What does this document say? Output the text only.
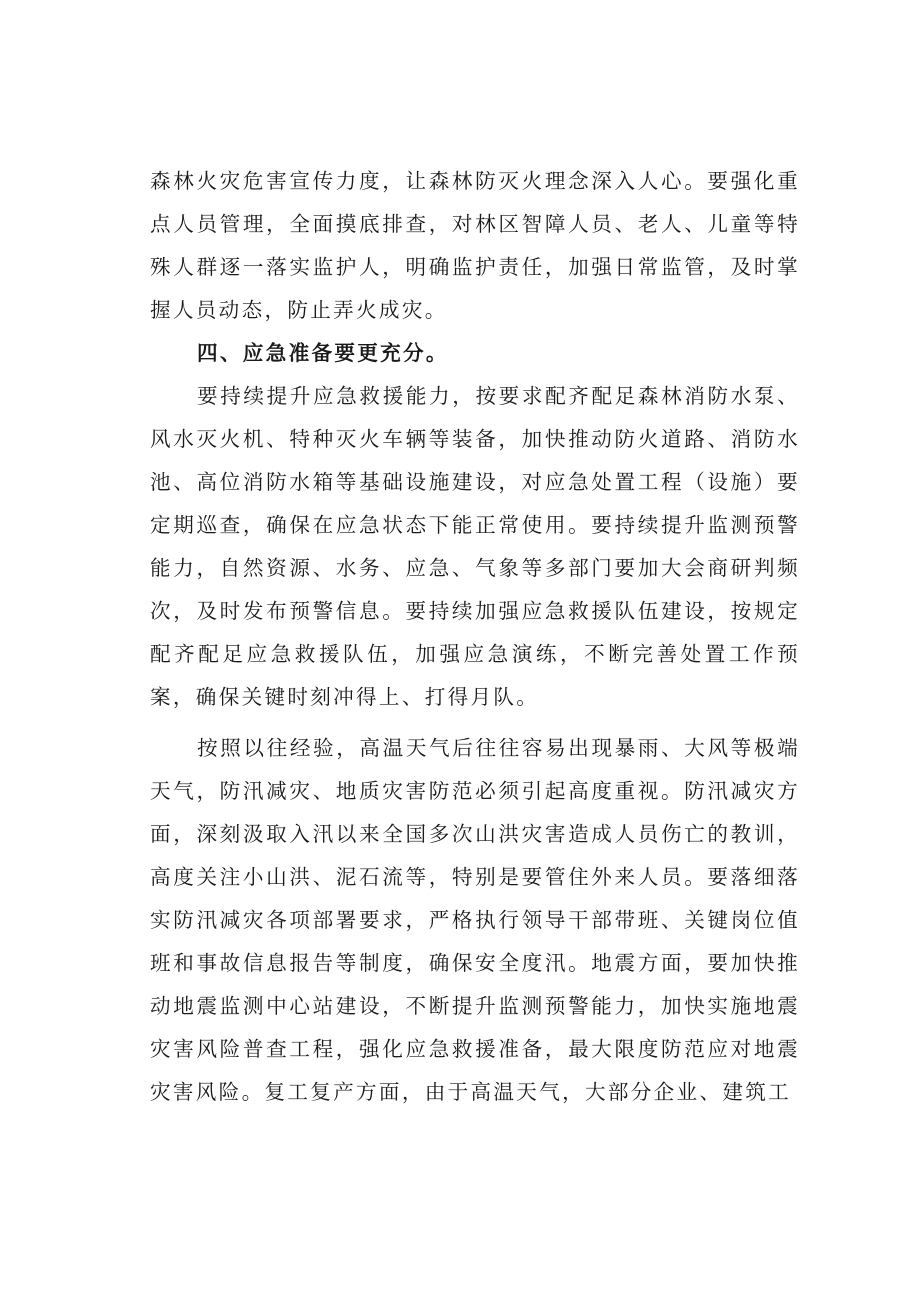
森林火灾危害宣传力度，让森林防灭火理念深入人心。要强化重点人员管理，全面摸底排查，对林区智障人员、老人、儿童等特殊人群逐一落实监护人，明确监护责任，加强日常监管，及时掌握人员动态，防止弄火成灾。

四、应急准备要更充分。

要持续提升应急救援能力，按要求配齐配足森林消防水泵、风水灭火机、特种灭火车辆等装备，加快推动防火道路、消防水池、高位消防水箱等基础设施建设，对应急处置工程（设施）要定期巡查，确保在应急状态下能正常使用。要持续提升监测预警能力，自然资源、水务、应急、气象等多部门要加大会商研判频次，及时发布预警信息。要持续加强应急救援队伍建设，按规定配齐配足应急救援队伍，加强应急演练，不断完善处置工作预案，确保关键时刻冲得上、打得月队。

按照以往经验，高温天气后往往容易出现暴雨、大风等极端天气，防汛减灾、地质灾害防范必须引起高度重视。防汛减灾方面，深刻汲取入汛以来全国多次山洪灾害造成人员伤亡的教训，高度关注小山洪、泥石流等，特别是要管住外来人员。要落细落实防汛减灾各项部署要求，严格执行领导干部带班、关键岗位值班和事故信息报告等制度，确保安全度汛。地震方面，要加快推动地震监测中心站建设，不断提升监测预警能力，加快实施地震灾害风险普查工程，强化应急救援准备，最大限度防范应对地震灾害风险。复工复产方面，由于高温天气，大部分企业、建筑工
